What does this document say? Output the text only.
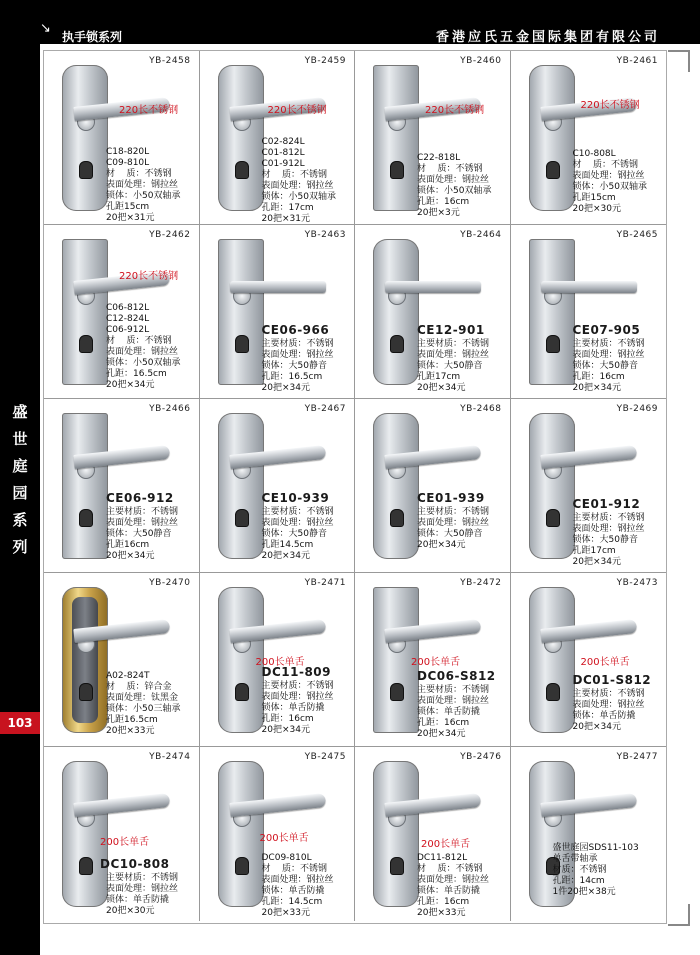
↘
执手锁系列	香港应氏五金国际集团有限公司
盛
世
庭
园
系
列
103
YB-2458
220长不锈钢
C18-820L
C09-810L
材    质：不锈钢
表面处理：钢拉丝
锁体：小50双轴承
孔距15cm
20把×31元
YB-2459
220长不锈钢
C02-824L
C01-812L
C01-912L
材    质：不锈钢
表面处理：钢拉丝
锁体：小50双轴承
孔距：17cm
20把×31元
YB-2460
220长不锈钢
C22-818L
材    质：不锈钢
表面处理：钢拉丝
锁体：小50双轴承
孔距：16cm
20把×3元
YB-2461
220长不锈钢
C10-808L
材    质：不锈钢
表面处理：钢拉丝
锁体：小50双轴承
孔距15cm
20把×30元
YB-2462
220长不锈钢
C06-812L
C12-824L
C06-912L
材    质：不锈钢
表面处理：钢拉丝
锁体：小50双轴承
孔距：16.5cm
20把×34元
YB-2463
CE06-966
主要材质：不锈钢
表面处理：钢拉丝
锁体：大50静音
孔距：16.5cm
20把×34元
YB-2464
CE12-901
主要材质：不锈钢
表面处理：钢拉丝
锁体：大50静音
孔距17cm
20把×34元
YB-2465
CE07-905
主要材质：不锈钢
表面处理：钢拉丝
锁体：大50静音
孔距：16cm
20把×34元
YB-2466
CE06-912
主要材质：不锈钢
表面处理：钢拉丝
锁体：大50静音
孔距16cm
20把×34元
YB-2467
CE10-939
主要材质：不锈钢
表面处理：钢拉丝
锁体：大50静音
孔距14.5cm
20把×34元
YB-2468
CE01-939
主要材质：不锈钢
表面处理：钢拉丝
锁体：大50静音
20把×34元
YB-2469
CE01-912
主要材质：不锈钢
表面处理：钢拉丝
锁体：大50静音
孔距17cm
20把×34元
YB-2470
A02-824T
材    质：锌合金
表面处理：钛黑金
锁体：小50三轴承
孔距16.5cm
20把×33元
YB-2471
200长单舌
DC11-809
主要材质：不锈钢
表面处理：钢拉丝
锁体：单舌防撬
孔距：16cm
20把×34元
YB-2472
200长单舌
DC06-S812
主要材质：不锈钢
表面处理：钢拉丝
锁体：单舌防撬
孔距：16cm
20把×34元
YB-2473
200长单舌
DC01-S812
主要材质：不锈钢
表面处理：钢拉丝
锁体：单舌防撬
20把×34元
YB-2474
200长单舌
DC10-808
主要材质：不锈钢
表面处理：钢拉丝
锁体：单舌防撬
20把×30元
YB-2475
200长单舌
DC09-810L
材    质：不锈钢
表面处理：钢拉丝
锁体：单舌防撬
孔距：14.5cm
20把×33元
YB-2476
200长单舌
DC11-812L
材    质：不锈钢
表面处理：钢拉丝
锁体：单舌防撬
孔距：16cm
20把×33元
YB-2477
盛世庭园SDS11-103
单舌带轴承
材质：不锈钢
孔距：14cm
1件20把×38元
